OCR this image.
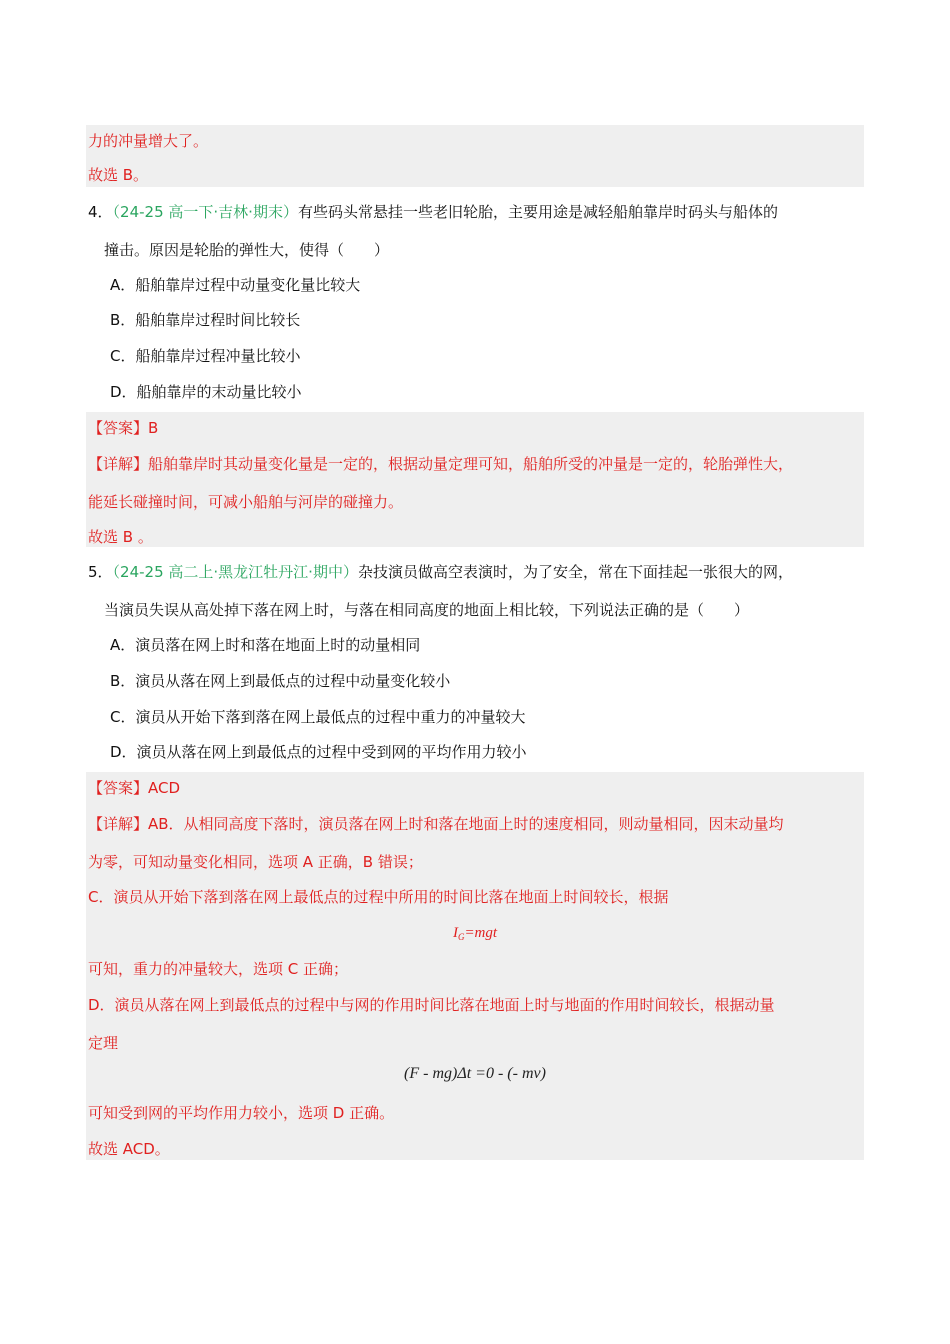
力的冲量增大了。
故选 B。
4．（24-25 高一下·吉林·期末）有些码头常悬挂一些老旧轮胎，主要用途是减轻船舶靠岸时码头与船体的
撞击。原因是轮胎的弹性大，使得（　　）
A．船舶靠岸过程中动量变化量比较大
B．船舶靠岸过程时间比较长
C．船舶靠岸过程冲量比较小
D．船舶靠岸的末动量比较小
【答案】B
【详解】船舶靠岸时其动量变化量是一定的，根据动量定理可知，船舶所受的冲量是一定的，轮胎弹性大，
能延长碰撞时间，可减小船舶与河岸的碰撞力。
故选 B 。
5．（24-25 高二上·黑龙江牡丹江·期中）杂技演员做高空表演时，为了安全，常在下面挂起一张很大的网，
当演员失误从高处掉下落在网上时，与落在相同高度的地面上相比较，下列说法正确的是（　　）
A．演员落在网上时和落在地面上时的动量相同
B．演员从落在网上到最低点的过程中动量变化较小
C．演员从开始下落到落在网上最低点的过程中重力的冲量较大
D．演员从落在网上到最低点的过程中受到网的平均作用力较小
【答案】ACD
【详解】AB．从相同高度下落时，演员落在网上时和落在地面上时的速度相同，则动量相同，因末动量均
为零，可知动量变化相同，选项 A 正确，B 错误；
C．演员从开始下落到落在网上最低点的过程中所用的时间比落在地面上时间较长，根据
$I_G=mgt$
可知，重力的冲量较大，选项 C 正确；
D．演员从落在网上到最低点的过程中与网的作用时间比落在地面上时与地面的作用时间较长，根据动量
定理
(F - mg)Δt =0 - (- mv)
可知受到网的平均作用力较小，选项 D 正确。
故选 ACD。
